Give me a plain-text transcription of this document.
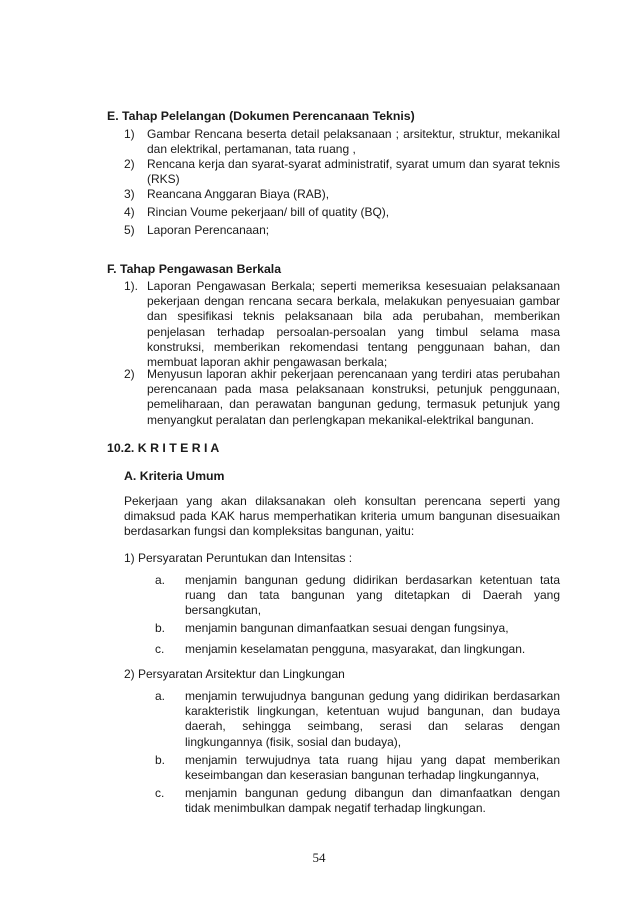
E. Tahap Pelelangan (Dokumen Perencanaan Teknis)
1) Gambar Rencana beserta detail pelaksanaan ; arsitektur, struktur, mekanikal dan elektrikal, pertamanan, tata ruang ,
2) Rencana kerja dan syarat-syarat administratif, syarat umum dan syarat teknis (RKS)
3) Reancana Anggaran Biaya (RAB),
4) Rincian Voume pekerjaan/ bill of quatity (BQ),
5) Laporan Perencanaan;
F. Tahap Pengawasan Berkala
1). Laporan Pengawasan Berkala; seperti memeriksa kesesuaian pelaksanaan pekerjaan dengan rencana secara berkala, melakukan penyesuaian gambar dan spesifikasi teknis pelaksanaan bila ada perubahan, memberikan penjelasan terhadap persoalan-persoalan yang timbul selama masa konstruksi, memberikan rekomendasi tentang penggunaan bahan, dan membuat laporan akhir pengawasan berkala;
2) Menyusun laporan akhir pekerjaan perencanaan yang terdiri atas perubahan perencanaan pada masa pelaksanaan konstruksi, petunjuk penggunaan, pemeliharaan, dan perawatan bangunan gedung, termasuk petunjuk yang menyangkut peralatan dan perlengkapan mekanikal-elektrikal bangunan.
10.2. K R I T E R I A
A. Kriteria Umum
Pekerjaan yang akan dilaksanakan oleh konsultan perencana seperti yang dimaksud pada KAK harus memperhatikan kriteria umum bangunan disesuaikan berdasarkan fungsi dan kompleksitas bangunan, yaitu:
1) Persyaratan Peruntukan dan Intensitas :
a. menjamin bangunan gedung didirikan berdasarkan ketentuan tata ruang dan tata bangunan yang ditetapkan di Daerah yang bersangkutan,
b. menjamin bangunan dimanfaatkan sesuai dengan fungsinya,
c. menjamin keselamatan pengguna, masyarakat, dan lingkungan.
2) Persyaratan Arsitektur dan Lingkungan
a. menjamin terwujudnya bangunan gedung yang didirikan berdasarkan karakteristik lingkungan, ketentuan wujud bangunan, dan budaya daerah, sehingga seimbang, serasi dan selaras dengan lingkungannya (fisik, sosial dan budaya),
b. menjamin terwujudnya tata ruang hijau yang dapat memberikan keseimbangan dan keserasian bangunan terhadap lingkungannya,
c. menjamin bangunan gedung dibangun dan dimanfaatkan dengan tidak menimbulkan dampak negatif terhadap lingkungan.
54
